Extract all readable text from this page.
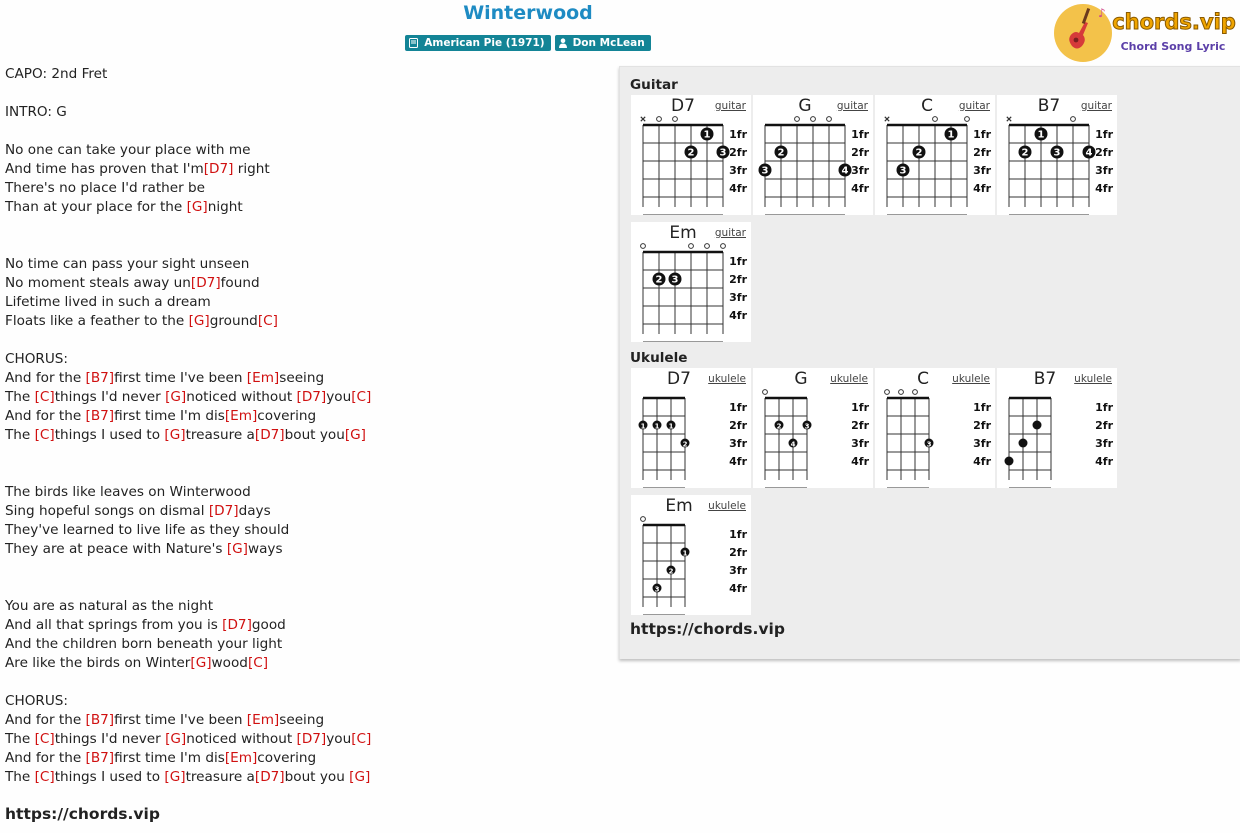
Winterwood
American Pie (1971)	Don McLean
♪ chords.vip
Chord Song Lyric
CAPO: 2nd Fret
INTRO: G
No one can take your place with me
And time has proven that I'm[D7] right
There's no place I'd rather be
Than at your place for the [G]night
No time can pass your sight unseen
No moment steals away un[D7]found
Lifetime lived in such a dream
Floats like a feather to the [G]ground[C]
CHORUS:
And for the [B7]first time I've been [Em]seeing
The [C]things I'd never [G]noticed without [D7]you[C]
And for the [B7]first time I'm dis[Em]covering
The [C]things I used to [G]treasure a[D7]bout you[G]
The birds like leaves on Winterwood
Sing hopeful songs on dismal [D7]days
They've learned to live life as they should
They are at peace with Nature's [G]ways
You are as natural as the night
And all that springs from you is [D7]good
And the children born beneath your light
Are like the birds on Winter[G]wood[C]
CHORUS:
And for the [B7]first time I've been [Em]seeing
The [C]things I'd never [G]noticed without [D7]you[C]
And for the [B7]first time I'm dis[Em]covering
The [C]things I used to [G]treasure a[D7]bout you [G]
https://chords.vip
Guitar
1
2	3
1fr
2fr
3fr
4fr
D7	guitar
2
3	4
1fr
2fr
3fr
4fr
G	guitar
1
2
3
1fr
2fr
3fr
4fr
C	guitar
1
2	3	4
1fr
2fr
3fr
4fr
B7	guitar
2 3
1fr
2fr
3fr
4fr
Em guitar
Ukulele
1 1 1
2
1fr
2fr
3fr
4fr
D7	ukulele
2	3
4
1fr
2fr
3fr
4fr
G	ukulele
3
1fr
2fr
3fr
4fr
C	ukulele
1fr
2fr
3fr
4fr
B7	ukulele
1
2
3
1fr
2fr
3fr
4fr
Em ukulele
https://chords.vip
